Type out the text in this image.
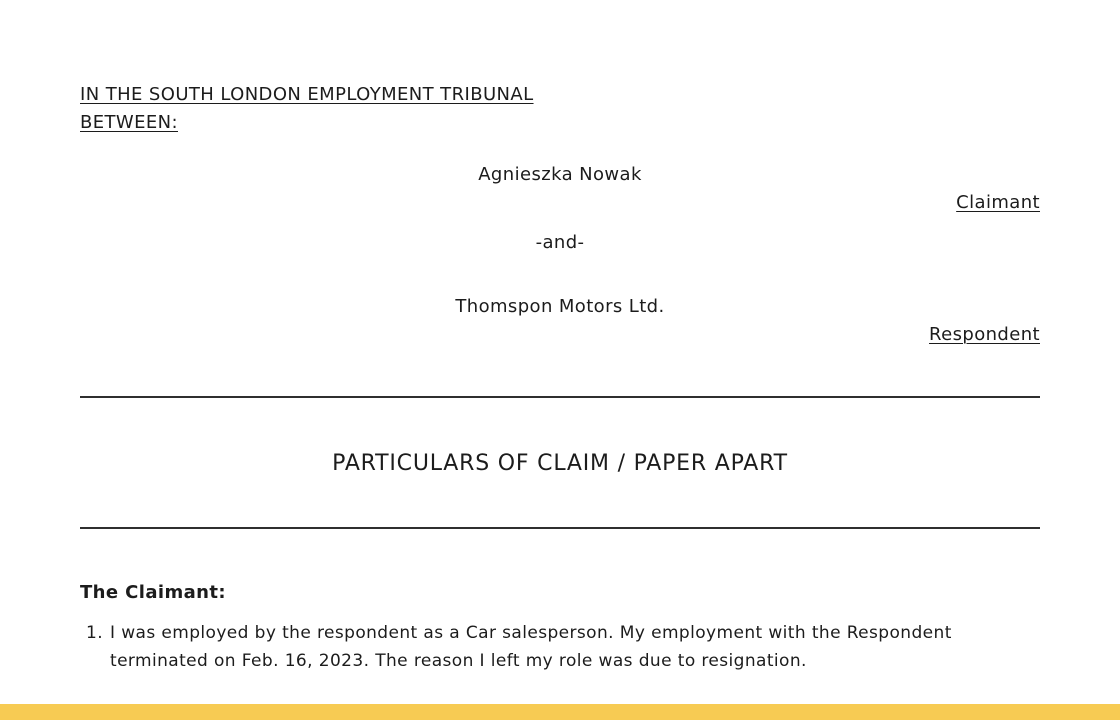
IN THE SOUTH LONDON EMPLOYMENT TRIBUNAL

BETWEEN:

Agnieszka Nowak

Claimant

-and-

Thomspon Motors Ltd.

Respondent

PARTICULARS OF CLAIM / PAPER APART

The Claimant:

1. I was employed by the respondent as a Car salesperson. My employment with the Respondent terminated on Feb. 16, 2023. The reason I left my role was due to resignation.
